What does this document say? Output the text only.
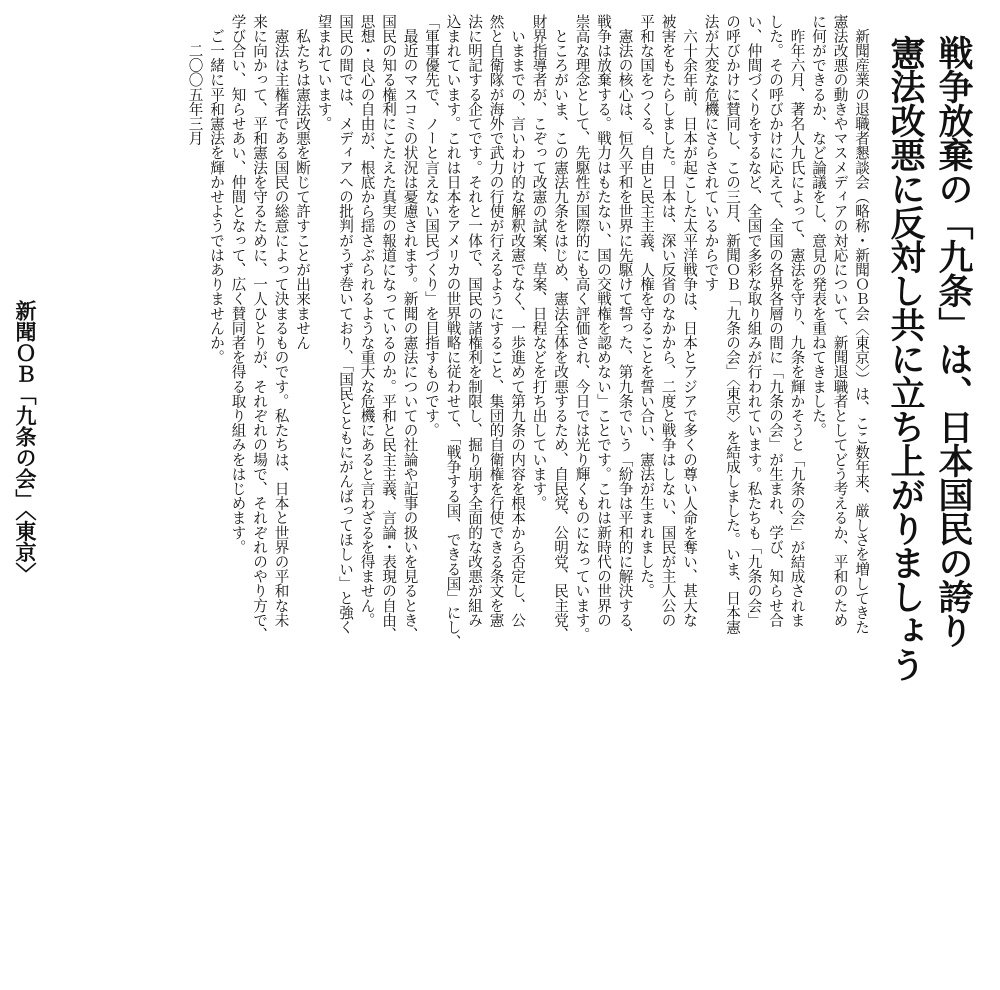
戦争放棄の「九条」は、日本国民の誇り
憲法改悪に反対し共に立ち上がりましょう
　新聞産業の退職者懇談会（略称・新聞ＯＢ会〈東京〉）は、ここ数年来、厳しさを増してきた
憲法改悪の動きやマスメディアの対応について、新聞退職者としてどう考えるか、平和のため
に何ができるか、など論議をし、意見の発表を重ねてきました。
　昨年六月、著名人九氏によって、憲法を守り、九条を輝かそうと「九条の会」が結成されま
した。その呼びかけに応えて、全国の各界各層の間に「九条の会」が生まれ、学び、知らせ合
い、仲間づくりをするなど、全国で多彩な取り組みが行われています。私たちも「九条の会」
の呼びかけに賛同し、この三月、新聞ＯＢ「九条の会」〈東京〉を結成しました。いま、日本憲
法が大変な危機にさらされているからです
　六十余年前、日本が起こした太平洋戦争は、日本とアジアで多くの尊い人命を奪い、甚大な
被害をもたらしました。日本は、深い反省のなかから、二度と戦争はしない、国民が主人公の
平和な国をつくる、自由と民主主義、人権を守ることを誓い合い、憲法が生まれました。
　憲法の核心は、恒久平和を世界に先駆けて誓った、第九条でいう「紛争は平和的に解決する、
戦争は放棄する。戦力はもたない、国の交戦権を認めない」ことです。これは新時代の世界の
崇高な理念として、先駆性が国際的にも高く評価され、今日では光り輝くものになっています。
　ところがいま、この憲法九条をはじめ、憲法全体を改悪するため、自民党、公明党、民主党、
財界指導者が、こぞって改憲の試案、草案、日程などを打ち出しています。
　いままでの、言いわけ的な解釈改憲でなく、一歩進めて第九条の内容を根本から否定し、公
然と自衛隊が海外で武力の行使が行えるようにすること、集団的自衛権を行使できる条文を憲
法に明記する企てです。それと一体で、国民の諸権利を制限し、掘り崩す全面的な改悪が組み
込まれています。これは日本をアメリカの世界戦略に従わせて、「戦争する国、できる国」にし、
「軍事優先で、ノーと言えない国民づくり」を目指すものです。
　最近のマスコミの状況は憂慮されます。新聞の憲法についての社論や記事の扱いを見るとき、
国民の知る権利にこたえた真実の報道になっているのか。平和と民主主義、言論・表現の自由、
思想・良心の自由が、根底から揺さぶられるような重大な危機にあると言わざるを得ません。
国民の間では、メディアへの批判がうず巻いており、「国民とともにがんばってほしい」と強く
望まれています。
　私たちは憲法改悪を断じて許すことが出来ません
　憲法は主権者である国民の総意によって決まるものです。私たちは、日本と世界の平和な未
来に向かって、平和憲法を守るために、一人ひとりが、それぞれの場で、それぞれのやり方で、
学び合い、知らせあい、仲間となって、広く賛同者を得る取り組みをはじめます。
　ご一緒に平和憲法を輝かせようではありませんか。
　　二〇〇五年三月
新聞ＯＢ「九条の会」〈東京〉
